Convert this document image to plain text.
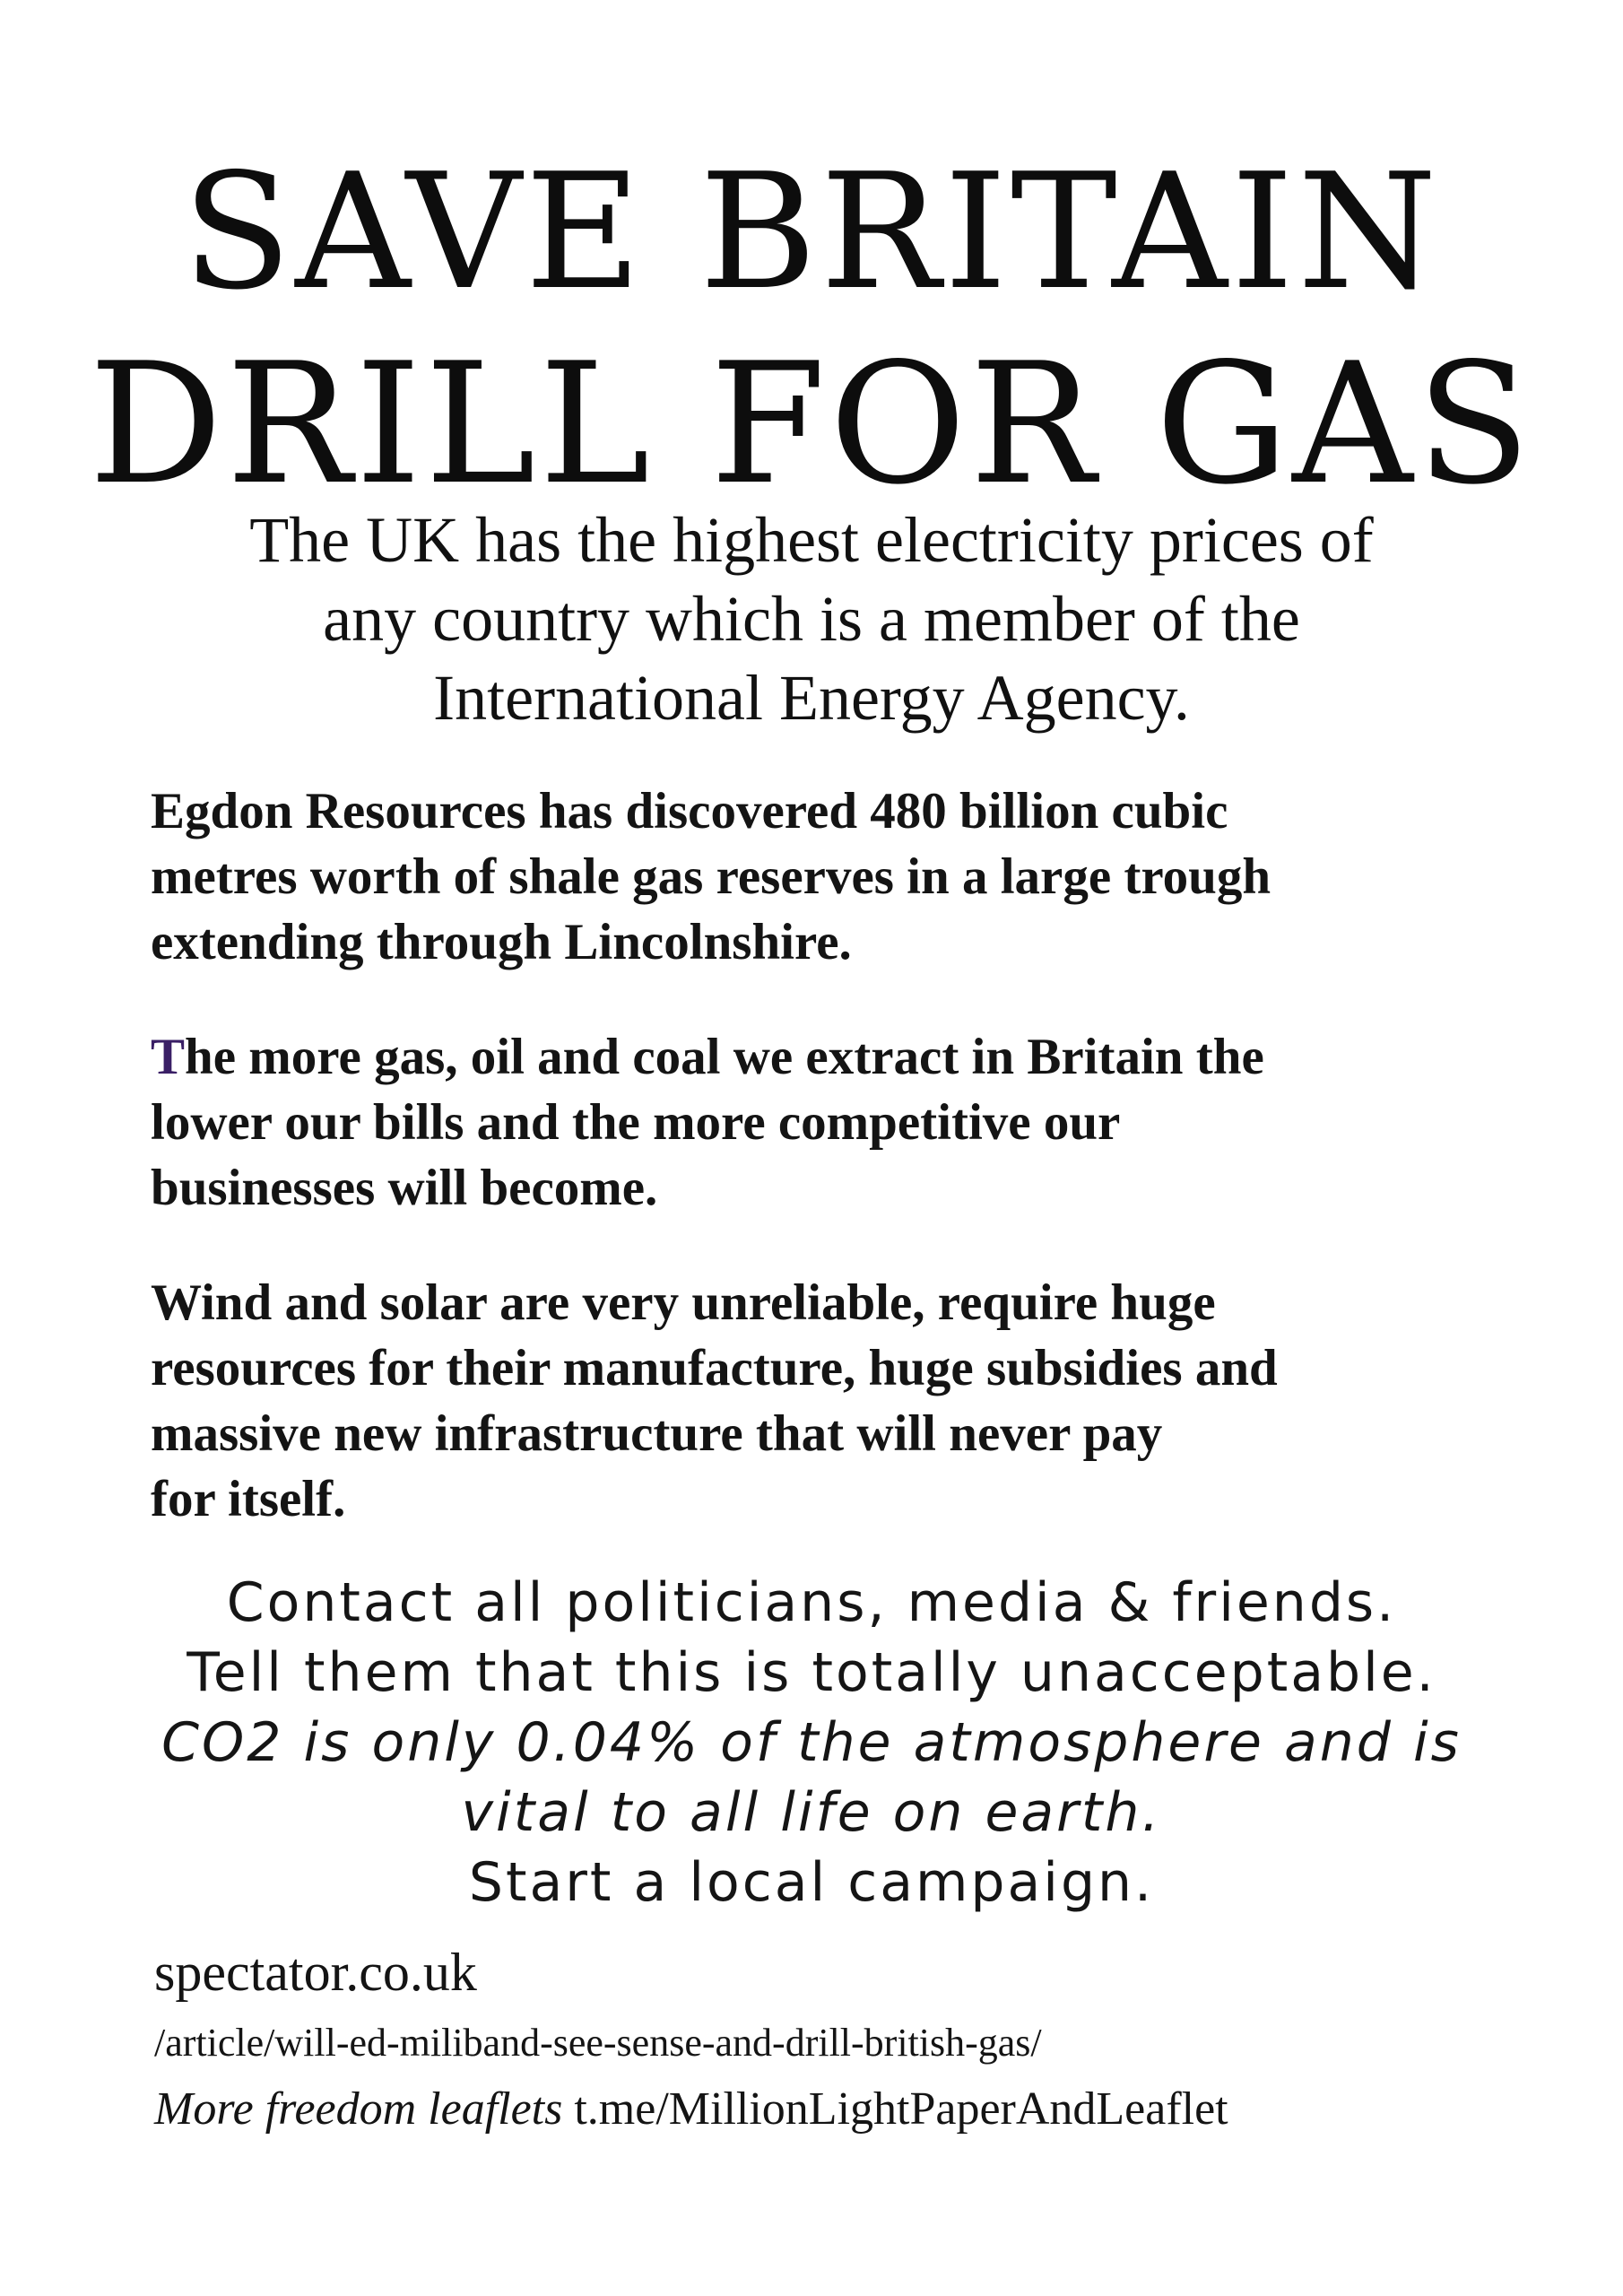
SAVE BRITAIN
DRILL FOR GAS
The UK has the highest electricity prices of
any country which is a member of the
International Energy Agency.
Egdon Resources has discovered 480 billion cubic
metres worth of shale gas reserves in a large trough
extending through Lincolnshire.
The more gas, oil and coal we extract in Britain the
lower our bills and the more competitive our
businesses will become.
Wind and solar are very unreliable, require huge
resources for their manufacture, huge subsidies and
massive new infrastructure that will never pay
for itself.
Contact all politicians, media & friends.
Tell them that this is totally unacceptable.
CO2 is only 0.04% of the atmosphere and is
vital to all life on earth.
Start a local campaign.
spectator.co.uk
/article/will-ed-miliband-see-sense-and-drill-british-gas/
More freedom leaflets t.me/MillionLightPaperAndLeaflet
